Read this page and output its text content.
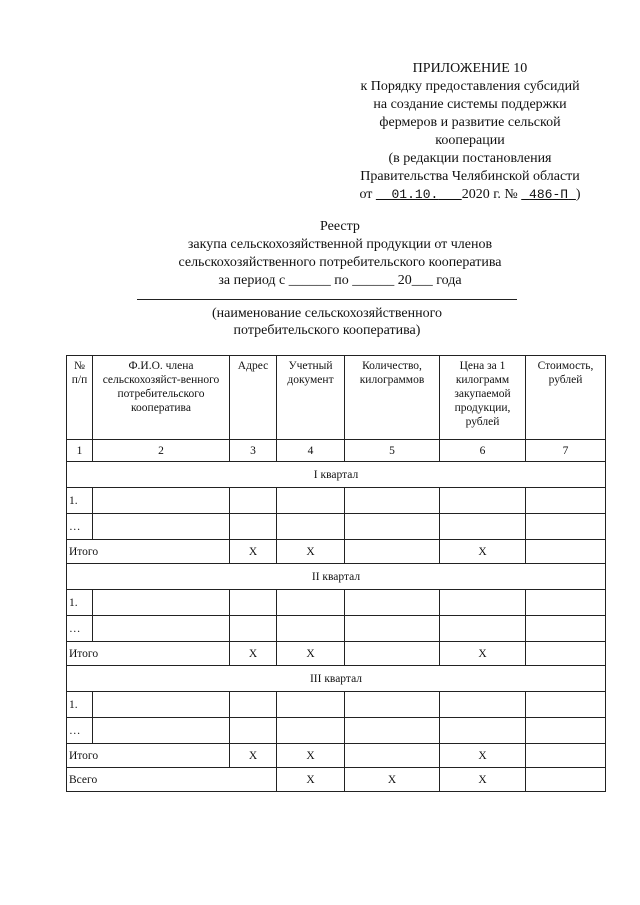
ПРИЛОЖЕНИЕ 10
к Порядку предоставления субсидий
на создание системы поддержки
фермеров и развитие сельской
кооперации
(в редакции постановления
Правительства Челябинской области
от 01.10. 2020 г. № 486-П )
Реестр
закупа сельскохозяйственной продукции от членов
сельскохозяйственного потребительского кооператива
за период с ______ по ______ 20___ года
(наименование сельскохозяйственного
потребительского кооператива)
№ п/п	Ф.И.О. члена сельскохозяйст-венного потребительского кооператива	Адрес	Учетный документ	Количество, килограммов	Цена за 1 килограмм закупаемой продукции, рублей	Стоимость, рублей
1	2	3	4	5	6	7
I квартал						
1.						
…						
Итого		X	X		X	
II квартал						
1.						
…						
Итого		X	X		X	
III квартал						
1.						
…						
Итого		X	X		X	
Всего			X	X	X	
